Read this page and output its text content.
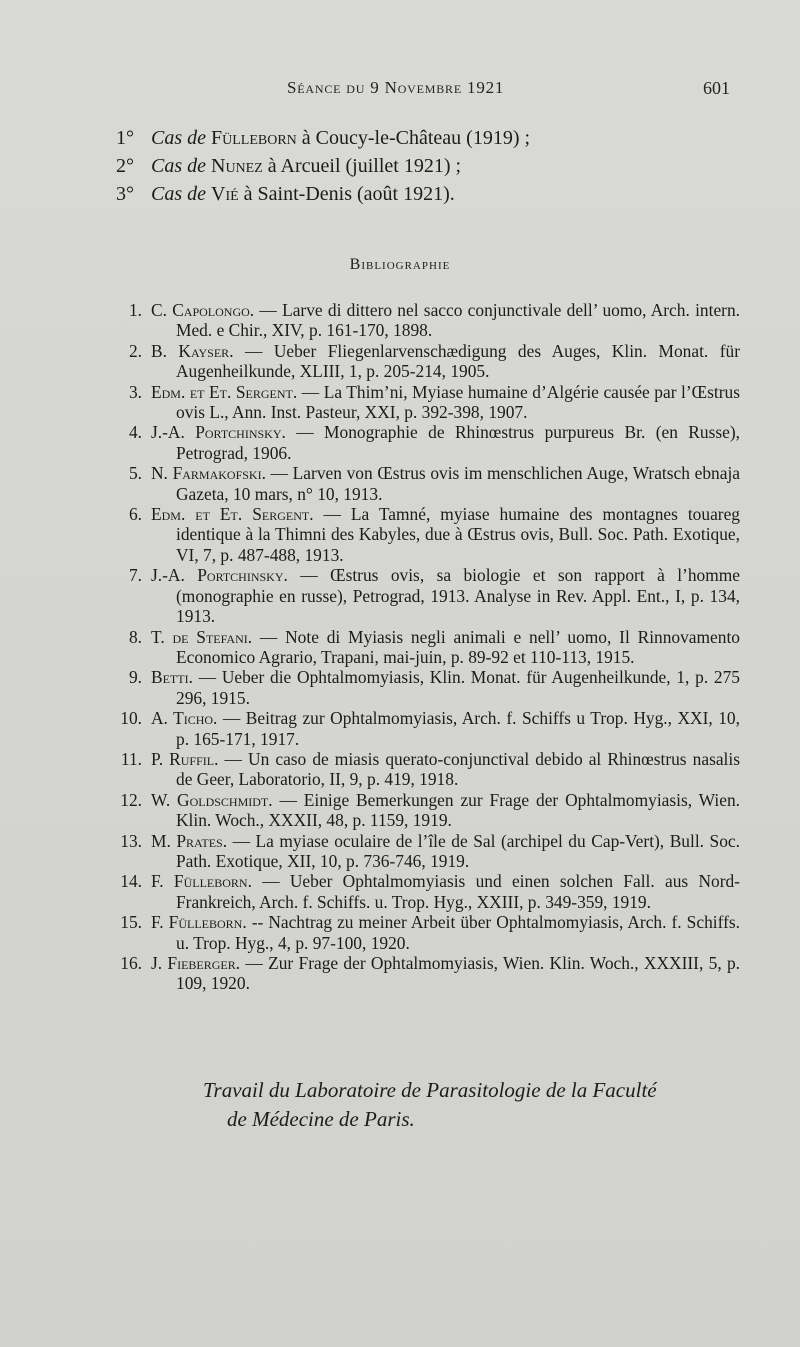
Séance du 9 Novembre 1921	601
1° Cas de Fülleborn à Coucy-le-Château (1919) ;
2° Cas de Nunez à Arcueil (juillet 1921) ;
3° Cas de Vié à Saint-Denis (août 1921).
Bibliographie
1. C. Capolongo. — Larve di dittero nel sacco conjunctivale dell’ uomo, Arch. intern. Med. e Chir., XIV, p. 161-170, 1898.
2. B. Kayser. — Ueber Fliegenlarvenschædigung des Auges, Klin. Monat. für Augenheilkunde, XLIII, 1, p. 205-214, 1905.
3. Edm. et Et. Sergent. — La Thim’ni, Myiase humaine d’Algérie causée par l’Œstrus ovis L., Ann. Inst. Pasteur, XXI, p. 392-398, 1907.
4. J.-A. Portchinsky. — Monographie de Rhinœstrus purpureus Br. (en Russe), Petrograd, 1906.
5. N. Farmakofski. — Larven von Œstrus ovis im menschlichen Auge, Wratsch ebnaja Gazeta, 10 mars, n° 10, 1913.
6. Edm. et Et. Sergent. — La Tamné, myiase humaine des montagnes touareg identique à la Thimni des Kabyles, due à Œstrus ovis, Bull. Soc. Path. Exotique, VI, 7, p. 487-488, 1913.
7. J.-A. Portchinsky. — Œstrus ovis, sa biologie et son rapport à l’homme (monographie en russe), Petrograd, 1913. Analyse in Rev. Appl. Ent., I, p. 134, 1913.
8. T. de Stefani. — Note di Myiasis negli animali e nell’ uomo, Il Rinnovamento Economico Agrario, Trapani, mai-juin, p. 89-92 et 110-113, 1915.
9. Betti. — Ueber die Ophtalmomyiasis, Klin. Monat. für Augenheilkunde, 1, p. 275 296, 1915.
10. A. Ticho. — Beitrag zur Ophtalmomyiasis, Arch. f. Schiffs u Trop. Hyg., XXI, 10, p. 165-171, 1917.
11. P. Ruffil. — Un caso de miasis querato-conjunctival debido al Rhinœstrus nasalis de Geer, Laboratorio, II, 9, p. 419, 1918.
12. W. Goldschmidt. — Einige Bemerkungen zur Frage der Ophtalmomyiasis, Wien. Klin. Woch., XXXII, 48, p. 1159, 1919.
13. M. Prates. — La myiase oculaire de l’île de Sal (archipel du Cap-Vert), Bull. Soc. Path. Exotique, XII, 10, p. 736-746, 1919.
14. F. Fülleborn. — Ueber Ophtalmomyiasis und einen solchen Fall. aus Nord-Frankreich, Arch. f. Schiffs. u. Trop. Hyg., XXIII, p. 349-359, 1919.
15. F. Fülleborn. -- Nachtrag zu meiner Arbeit über Ophtalmomyiasis, Arch. f. Schiffs. u. Trop. Hyg., 4, p. 97-100, 1920.
16. J. Fieberger. — Zur Frage der Ophtalmomyiasis, Wien. Klin. Woch., XXXIII, 5, p. 109, 1920.
Travail du Laboratoire de Parasitologie de la Faculté
de Médecine de Paris.
